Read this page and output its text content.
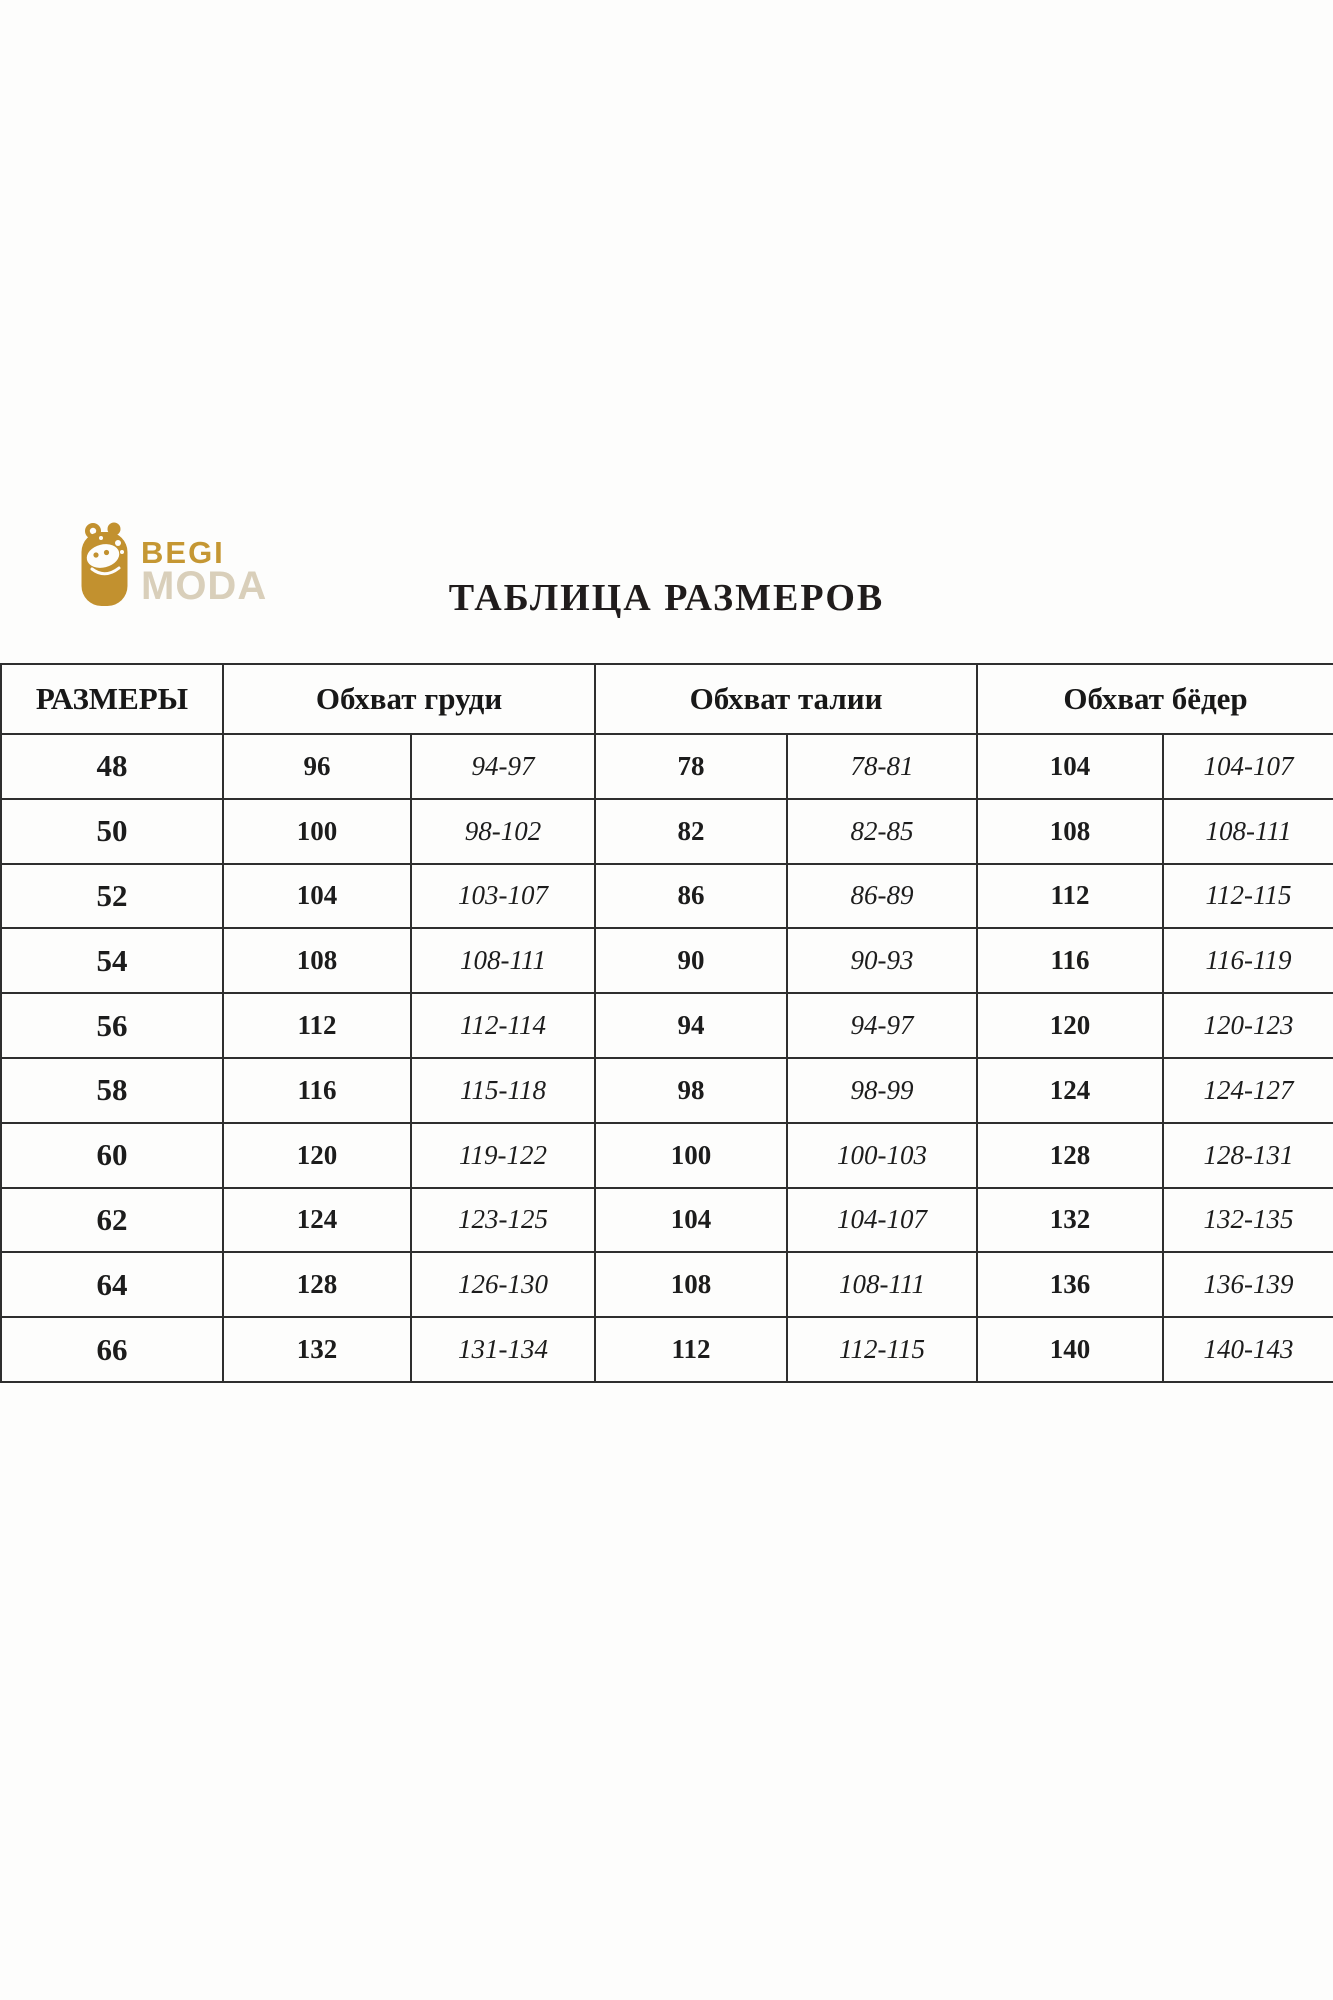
BEGI
MODA	ТАБЛИЦА РАЗМЕРОВ
РАЗМЕРЫ	Обхват груди		Обхват талии		Обхват бёдер	
48	96	94-97	78	78-81	104	104-107
50	100	98-102	82	82-85	108	108-111
52	104	103-107	86	86-89	112	112-115
54	108	108-111	90	90-93	116	116-119
56	112	112-114	94	94-97	120	120-123
58	116	115-118	98	98-99	124	124-127
60	120	119-122	100	100-103	128	128-131
62	124	123-125	104	104-107	132	132-135
64	128	126-130	108	108-111	136	136-139
66	132	131-134	112	112-115	140	140-143
